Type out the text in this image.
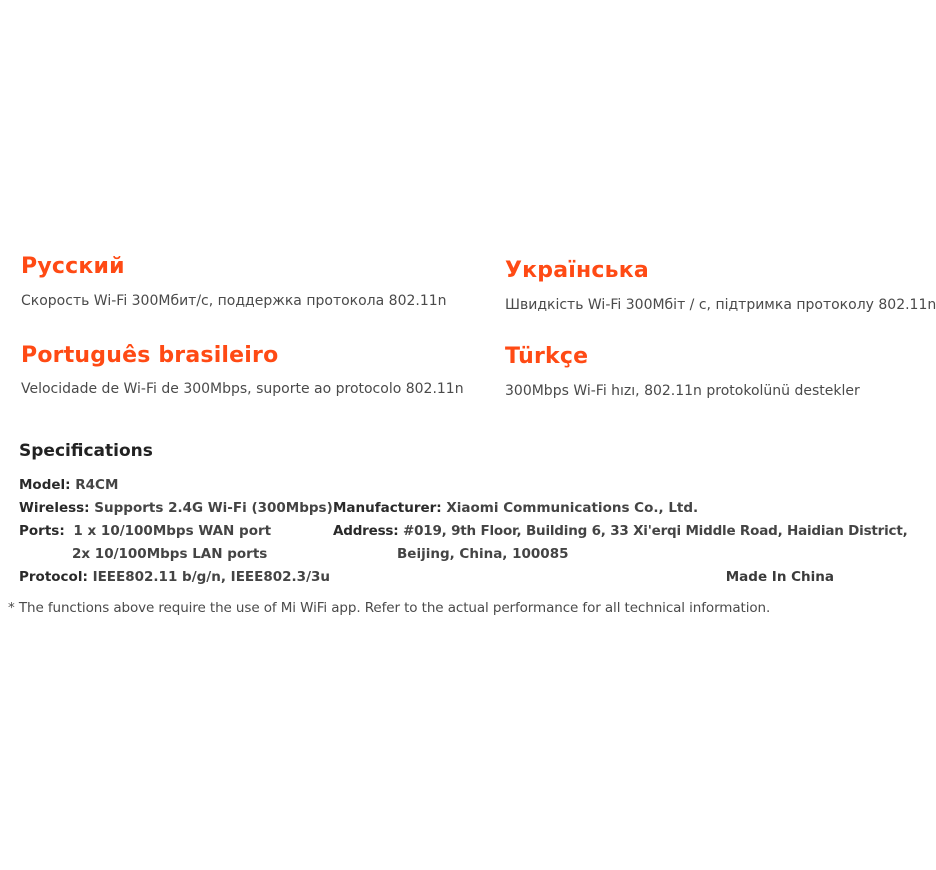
Русский
Скорость Wi-Fi 300Мбит/с, поддержка протокола 802.11n
Українська
Швидкість Wi-Fi 300Мбіт / с, підтримка протоколу 802.11n
Português brasileiro
Velocidade de Wi-Fi de 300Mbps, suporte ao protocolo 802.11n
Türkçe
300Mbps Wi-Fi hızı, 802.11n protokolünü destekler
Specifications
Model: R4CM
Wireless: Supports 2.4G Wi-Fi (300Mbps)
Ports: 1 x 10/100Mbps WAN port
2x 10/100Mbps LAN ports
Protocol: IEEE802.11 b/g/n, IEEE802.3/3u
Manufacturer: Xiaomi Communications Co., Ltd.
Address: #019, 9th Floor, Building 6, 33 Xi'erqi Middle Road, Haidian District,
Beijing, China, 100085
Made In China
* The functions above require the use of Mi WiFi app. Refer to the actual performance for all technical information.
